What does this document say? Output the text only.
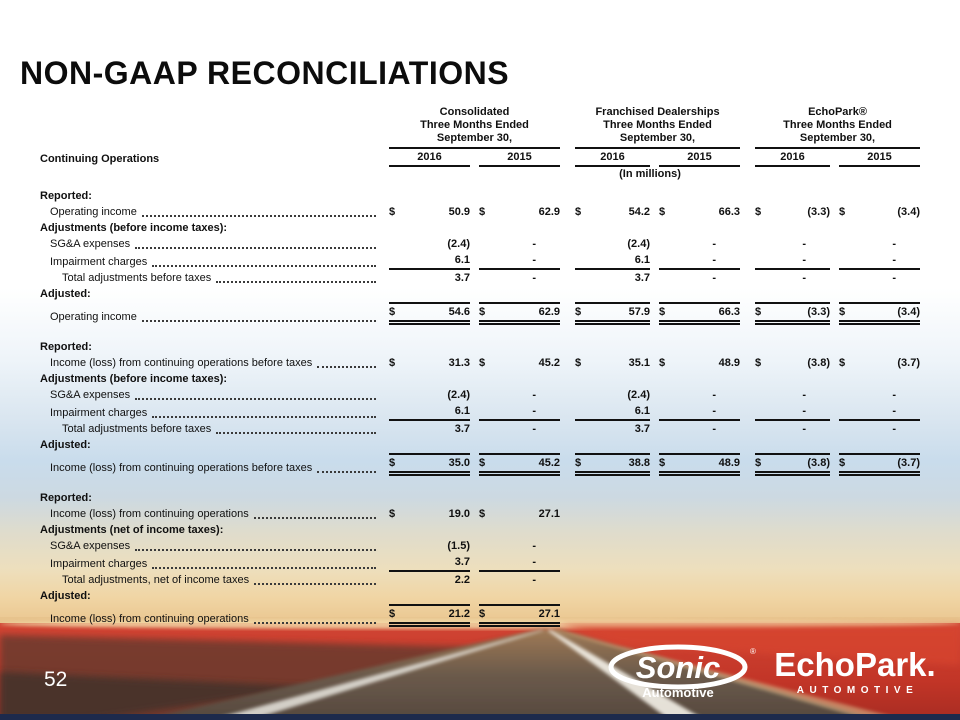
NON-GAAP RECONCILIATIONS

Consolidated
Three Months Ended
September 30,

Franchised Dealerships
Three Months Ended
September 30,

EchoPark®
Three Months Ended
September 30,

Continuing Operations	2016	2015	2016	2015	2016	2015

			(In millions)			

Reported:	

Operating income	$ 50.9	$ 62.9	$ 54.2	$ 66.3	$ (3.3)	$ (3.4)

Adjustments (before income taxes):	

SG&A expenses	(2.4)	-	(2.4)	-	-	-

Impairment charges	6.1	-	6.1	-	-	-

Total adjustments before taxes	3.7	-	3.7	-	-	-

Adjusted:	

Operating income	$ 54.6	$ 62.9	$ 57.9	$ 66.3	$ (3.3)	$ (3.4)

Reported:	

Income (loss) from continuing operations before taxes	$ 31.3	$ 45.2	$ 35.1	$ 48.9	$ (3.8)	$ (3.7)

Adjustments (before income taxes):	

SG&A expenses	(2.4)	-	(2.4)	-	-	-

Impairment charges	6.1	-	6.1	-	-	-

Total adjustments before taxes	3.7	-	3.7	-	-	-

Adjusted:	

Income (loss) from continuing operations before taxes	$ 35.0	$ 45.2	$ 38.8	$ 48.9	$ (3.8)	$ (3.7)

Reported:	

Income (loss) from continuing operations	$ 19.0	$ 27.1				

Adjustments (net of income taxes):	

SG&A expenses	(1.5)	-				

Impairment charges	3.7	-				

Total adjustments, net of income taxes	2.2	-				

Adjusted:	

Income (loss) from continuing operations	$ 21.2	$ 27.1				

52	Sonic	®
Automotive
EchoPark.
AUTOMOTIVE
